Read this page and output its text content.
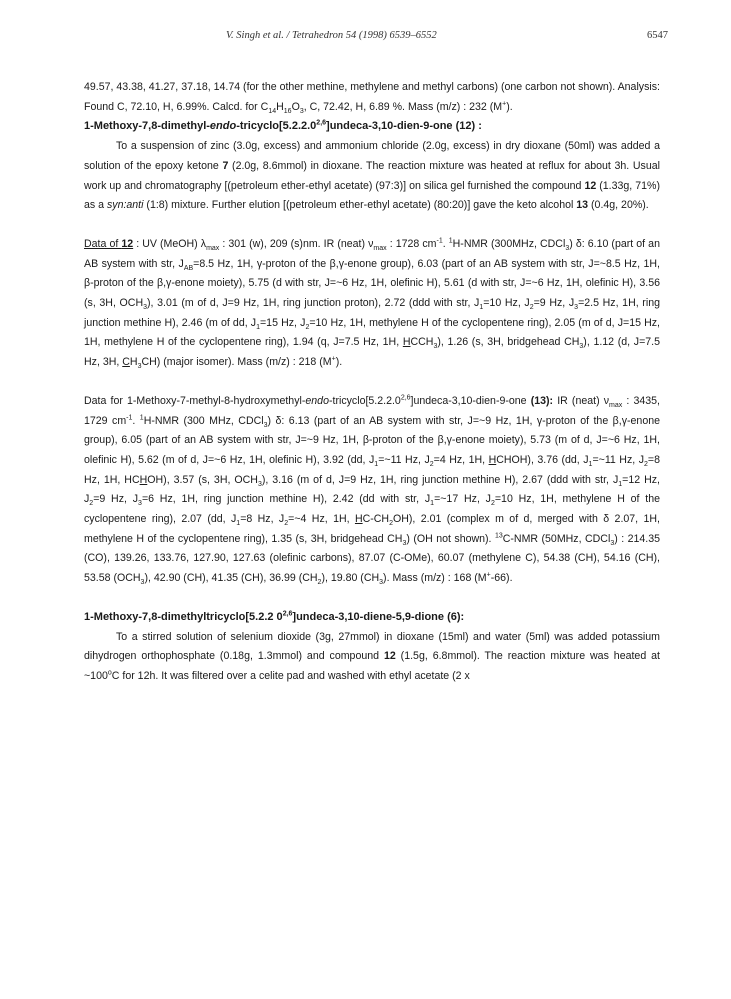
V. Singh et al. / Tetrahedron 54 (1998) 6539–6552	6547

49.57, 43.38, 41.27, 37.18, 14.74 (for the other methine, methylene and methyl carbons) (one carbon not shown). Analysis: Found C, 72.10, H, 6.99%. Calcd. for $C_{14}H_{16}O_3$, C, 72.42, H, 6.89 %. Mass (m/z) : 232 (M+).

1-Methoxy-7,8-dimethyl-endo-tricyclo[5.2.2.0$^{2,6}$]undeca-3,10-dien-9-one (12) :

To a suspension of zinc (3.0g, excess) and ammonium chloride (2.0g, excess) in dry dioxane (50ml) was added a solution of the epoxy ketone 7 (2.0g, 8.6mmol) in dioxane. The reaction mixture was heated at reflux for about 3h. Usual work up and chromatography [(petroleum ether-ethyl acetate) (97:3)] on silica gel furnished the compound 12 (1.33g, 71%) as a syn:anti (1:8) mixture. Further elution [(petroleum ether-ethyl acetate) (80:20)] gave the keto alcohol 13 (0.4g, 20%).

Data of 12 : UV (MeOH) $\lambda_{max}$ : 301 (w), 209 (s)nm. IR (neat) $\nu_{max}$ : 1728 $cm^{-1}$. $^1$H-NMR (300MHz, CDCl$_3$) δ: 6.10 (part of an AB system with str, $J_{AB}=8.5$ Hz, 1H, γ-proton of the β,γ-enone group), 6.03 (part of an AB system with str, J=~8.5 Hz, 1H, β-proton of the β,γ-enone moiety), 5.75 (d with str, J=~6 Hz, 1H, olefinic H), 5.61 (d with str, J=~6 Hz, 1H, olefinic H), 3.56 (s, 3H, $OCH_3$), 3.01 (m of d, J=9 Hz, 1H, ring junction proton), 2.72 (ddd with str, $J_1=10$ Hz, $J_2=9$ Hz, $J_3=2.5$ Hz, 1H, ring junction methine H), 2.46 (m of dd, $J_1=15$ Hz, $J_2=10$ Hz, 1H, methylene H of the cyclopentene ring), 2.05 (m of d, J=15 Hz, 1H, methylene H of the cyclopentene ring), 1.94 (q, J=7.5 Hz, 1H, $HCCH_3$), 1.26 (s, 3H, bridgehead $CH_3$), 1.12 (d, J=7.5 Hz, 3H, $CH_3CH$) (major isomer). Mass (m/z) : 218 (M+).

Data for 1-Methoxy-7-methyl-8-hydroxymethyl-endo-tricyclo[5.2.2.0$^{2,6}$]undeca-3,10-dien-9-one (13): IR (neat) $\nu_{max}$ : 3435, 1729 $cm^{-1}$. $^1$H-NMR (300 MHz, CDCl$_3$) δ: 6.13 (part of an AB system with str, J=~9 Hz, 1H, γ-proton of the β,γ-enone group), 6.05 (part of an AB system with str, J=~9 Hz, 1H, β-proton of the β,γ-enone moiety), 5.73 (m of d, J=~6 Hz, 1H, olefinic H), 5.62 (m of d, J=~6 Hz, 1H, olefinic H), 3.92 (dd, $J_1=\sim 11$ Hz, $J_2=4$ Hz, 1H, HCHOH), 3.76 (dd, $J_1=\sim 11$ Hz, $J_2=8$ Hz, 1H, HCHOH), 3.57 (s, 3H, $OCH_3$), 3.16 (m of d, J=9 Hz, 1H, ring junction methine H), 2.67 (ddd with str, $J_1=12$ Hz, $J_2=9$ Hz, $J_3=6$ Hz, 1H, ring junction methine H), 2.42 (dd with str, $J_1=\sim 17$ Hz, $J_2=10$ Hz, 1H, methylene H of the cyclopentene ring), 2.07 (dd, $J_1=8$ Hz, $J_2=\sim 4$ Hz, 1H, $HC-CH_2OH$), 2.01 (complex m of d, merged with δ 2.07, 1H, methylene H of the cyclopentene ring), 1.35 (s, 3H, bridgehead $CH_3$) (OH not shown). $^{13}$C-NMR (50MHz, CDCl$_3$) : 214.35 (CO), 139.26, 133.76, 127.90, 127.63 (olefinic carbons), 87.07 (C-OMe), 60.07 (methylene C), 54.38 (CH), 54.16 (CH), 53.58 $(OCH_3)$, 42.90 (CH), 41.35 (CH), 36.99 $(CH_2)$, 19.80 $(CH_3)$. Mass (m/z) : 168 (M+-66).

1-Methoxy-7,8-dimethyltricyclo[5.2.2 0$^{2,6}$]undeca-3,10-diene-5,9-dione (6):

To a stirred solution of selenium dioxide (3g, 27mmol) in dioxane (15ml) and water (5ml) was added potassium dihydrogen orthophosphate (0.18g, 1.3mmol) and compound 12 (1.5g, 6.8mmol). The reaction mixture was heated at ~100$^o$C for 12h. It was filtered over a celite pad and washed with ethyl acetate (2 x
